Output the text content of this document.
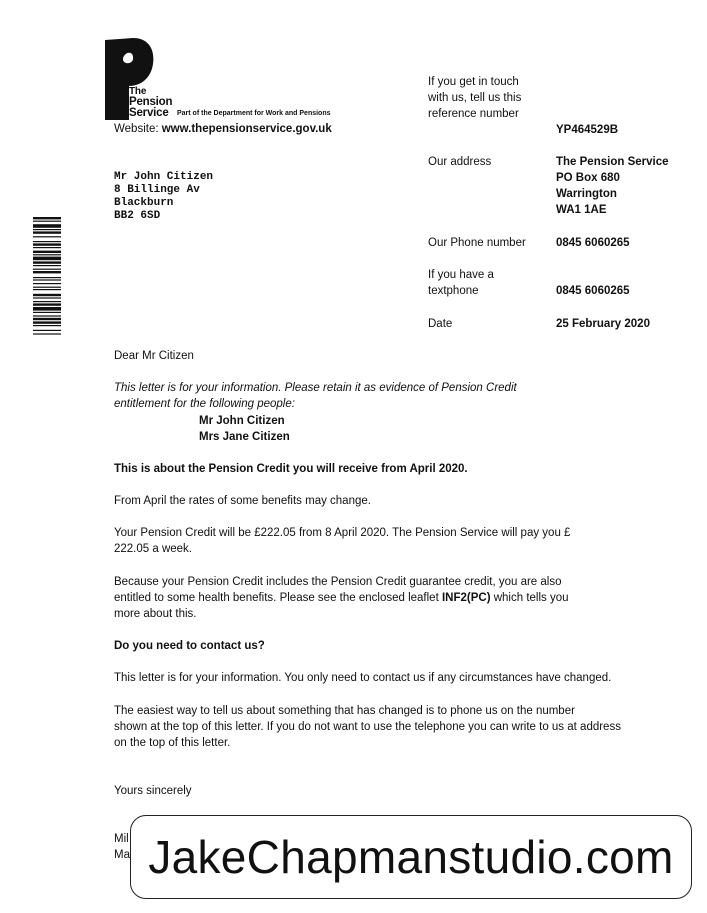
The
Pension
Service	Part of the Department for Work and Pensions
Website: www.thepensionservice.gov.uk
Mr John Citizen
8 Billinge Av
Blackburn
BB2 6SD
If you get in touch
with us, tell us this
reference number
YP464529B
Our address	The Pension Service
PO Box 680
Warrington
WA1 1AE
Our Phone number	0845 6060265
If you have a
textphone	0845 6060265
Date	25 February 2020
Dear Mr Citizen
This letter is for your information. Please retain it as evidence of Pension Credit
entitlement for the following people:
Mr John Citizen
Mrs Jane Citizen
This is about the Pension Credit you will receive from April 2020.
From April the rates of some benefits may change.
Your Pension Credit will be £222.05 from 8 April 2020. The Pension Service will pay you £
222.05 a week.
Because your Pension Credit includes the Pension Credit guarantee credit, you are also
entitled to some health benefits. Please see the enclosed leaflet INF2(PC) which tells you
more about this.
Do you need to contact us?
This letter is for your information. You only need to contact us if any circumstances have changed.
The easiest way to tell us about something that has changed is to phone us on the number
shown at the top of this letter. If you do not want to use the telephone you can write to us at address
on the top of this letter.
Yours sincerely
Mil
Ma JakeChapmanstudio.com
